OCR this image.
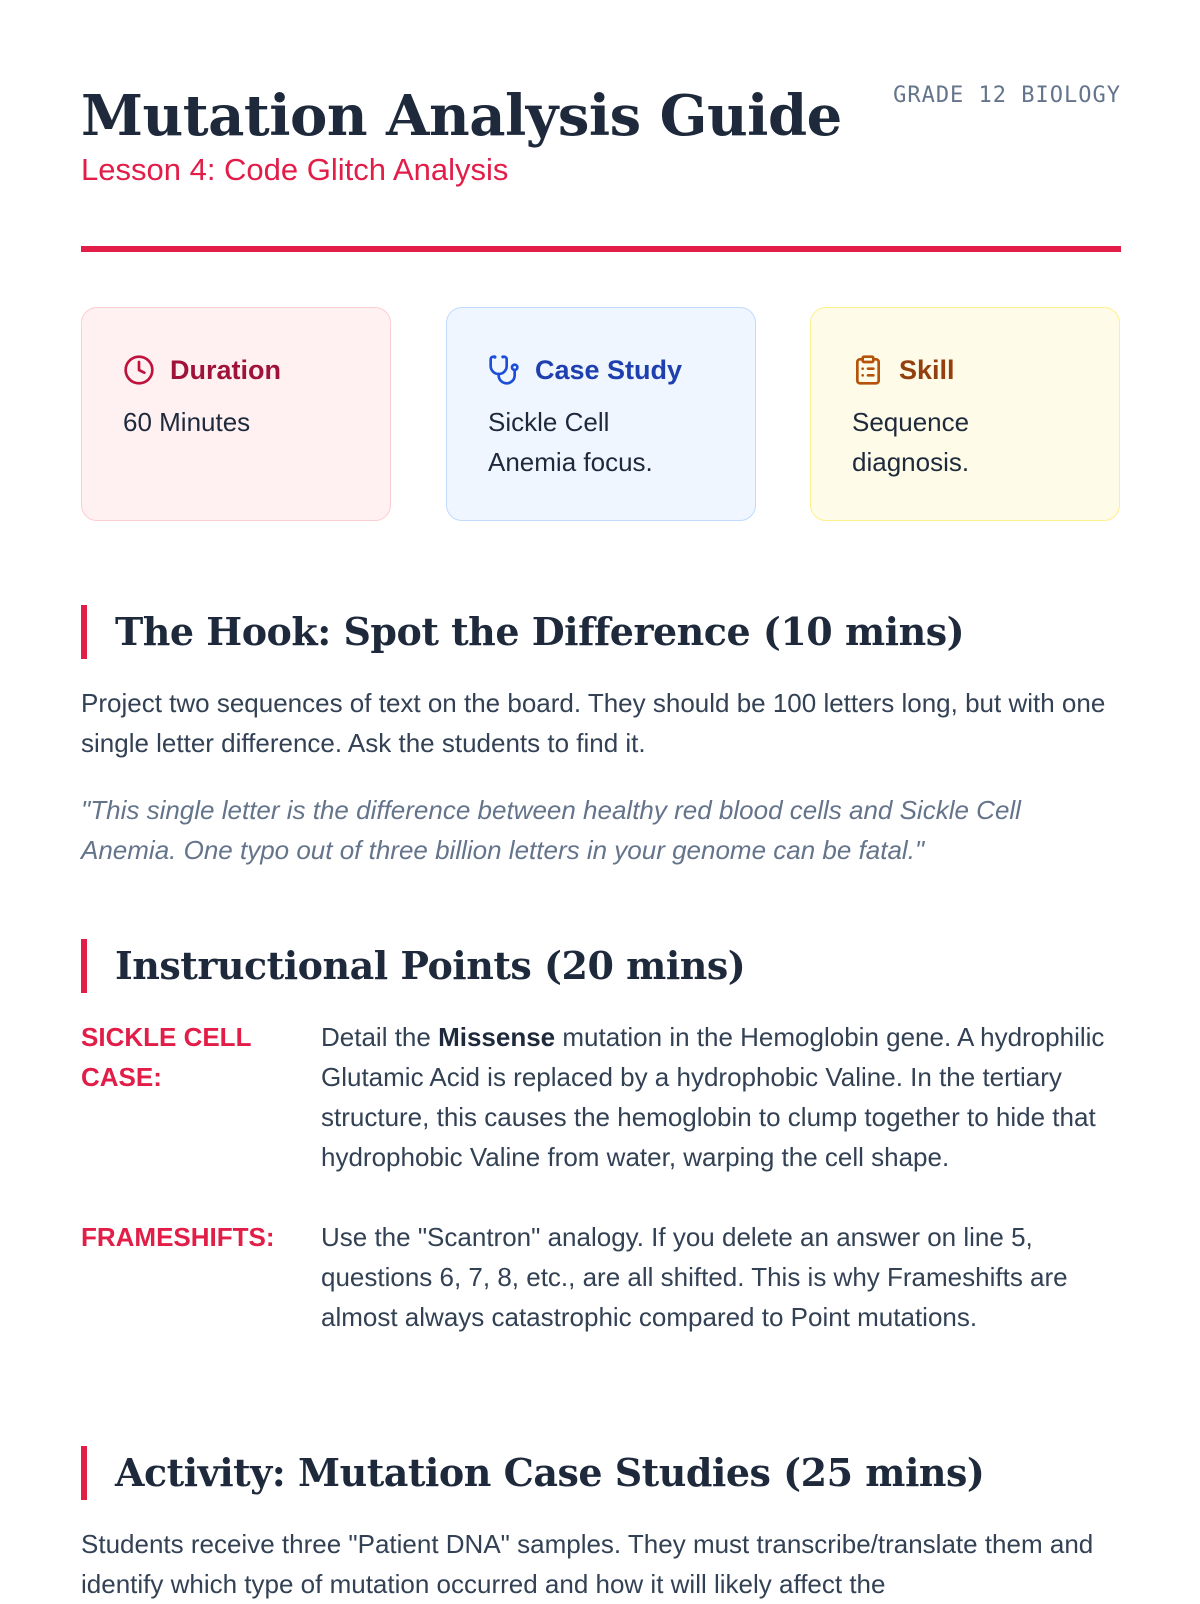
Mutation Analysis Guide
Lesson 4: Code Glitch Analysis
GRADE 12 BIOLOGY
Duration
60 Minutes
Case Study
Sickle Cell Anemia focus.
Skill
Sequence diagnosis.
The Hook: Spot the Difference (10 mins)

Project two sequences of text on the board. They should be 100 letters long, but with one single letter difference. Ask the students to find it.

"This single letter is the difference between healthy red blood cells and Sickle Cell Anemia. One typo out of three billion letters in your genome can be fatal."

Instructional Points (20 mins)
SICKLE CELL CASE:
Detail the Missense mutation in the Hemoglobin gene. A hydrophilic Glutamic Acid is replaced by a hydrophobic Valine. In the tertiary structure, this causes the hemoglobin to clump together to hide that hydrophobic Valine from water, warping the cell shape.
FRAMESHIFTS:	Use the "Scantron" analogy. If you delete an answer on line 5, questions 6, 7, 8, etc., are all shifted. This is why Frameshifts are almost always catastrophic compared to Point mutations.
Activity: Mutation Case Studies (25 mins)

Students receive three "Patient DNA" samples. They must transcribe/translate them and identify which type of mutation occurred and how it will likely affect the
